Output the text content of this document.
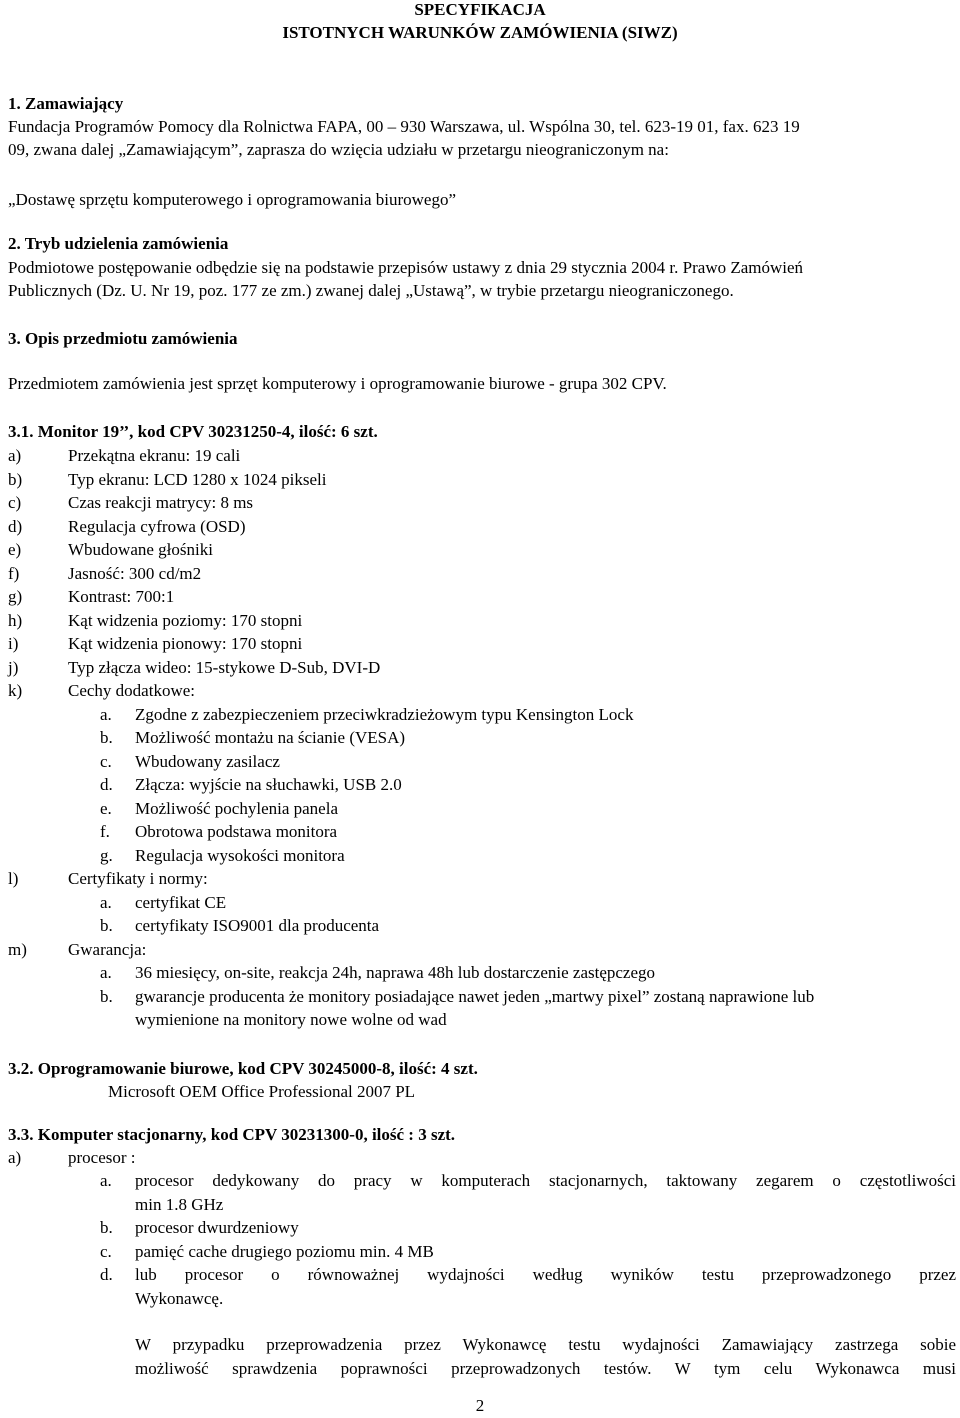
SPECYFIKACJA
ISTOTNYCH WARUNKÓW ZAMÓWIENIA (SIWZ)
1. Zamawiający
Fundacja Programów Pomocy dla Rolnictwa FAPA, 00 – 930 Warszawa, ul. Wspólna 30, tel. 623-19 01, fax. 623 19
09, zwana dalej „Zamawiającym”, zaprasza do wzięcia udziału w przetargu nieograniczonym na:
„Dostawę sprzętu komputerowego i oprogramowania biurowego”
2. Tryb udzielenia zamówienia
Podmiotowe postępowanie odbędzie się na podstawie przepisów ustawy z dnia 29 stycznia 2004 r. Prawo Zamówień
Publicznych (Dz. U. Nr 19, poz. 177 ze zm.) zwanej dalej „Ustawą”, w trybie przetargu nieograniczonego.
3. Opis przedmiotu zamówienia
Przedmiotem zamówienia jest sprzęt komputerowy i oprogramowanie biurowe - grupa 302 CPV.
3.1. Monitor 19’’, kod CPV 30231250-4, ilość: 6 szt.
a)	Przekątna ekranu: 19 cali
b)	Typ ekranu: LCD 1280 x 1024 pikseli
c)	Czas reakcji matrycy: 8 ms
d)	Regulacja cyfrowa (OSD)
e)	Wbudowane głośniki
f)	Jasność: 300 cd/m2
g)	Kontrast: 700:1
h)	Kąt widzenia poziomy: 170 stopni
i)	Kąt widzenia pionowy: 170 stopni
j)	Typ złącza wideo: 15-stykowe D-Sub, DVI-D
k)	Cechy dodatkowe:
a.	Zgodne z zabezpieczeniem przeciwkradzieżowym typu Kensington Lock
b.	Możliwość montażu na ścianie (VESA)
c.	Wbudowany zasilacz
d.	Złącza: wyjście na słuchawki, USB 2.0
e.	Możliwość pochylenia panela
f.	Obrotowa podstawa monitora
g.	Regulacja wysokości monitora
l)	Certyfikaty i normy:
a.	certyfikat CE
b.	certyfikaty ISO9001 dla producenta
m)	Gwarancja:
a.	36 miesięcy, on-site, reakcja 24h, naprawa 48h lub dostarczenie zastępczego
b.	gwarancje producenta że monitory posiadające nawet jeden „martwy pixel” zostaną naprawione lub
wymienione na monitory nowe wolne od wad
3.2. Oprogramowanie biurowe, kod CPV 30245000-8, ilość: 4 szt.
Microsoft OEM Office Professional 2007 PL
3.3. Komputer stacjonarny, kod CPV 30231300-0, ilość : 3 szt.
a)	procesor :
a.	procesor dedykowany do pracy w komputerach stacjonarnych, taktowany zegarem o częstotliwości
min 1.8 GHz
b.	procesor dwurdzeniowy
c.	pamięć cache drugiego poziomu min. 4 MB
d.	lub procesor o równoważnej wydajności według wyników testu przeprowadzonego przez
Wykonawcę.
W przypadku przeprowadzenia przez Wykonawcę testu wydajności Zamawiający zastrzega sobie
możliwość sprawdzenia poprawności przeprowadzonych testów. W tym celu Wykonawca musi
2
